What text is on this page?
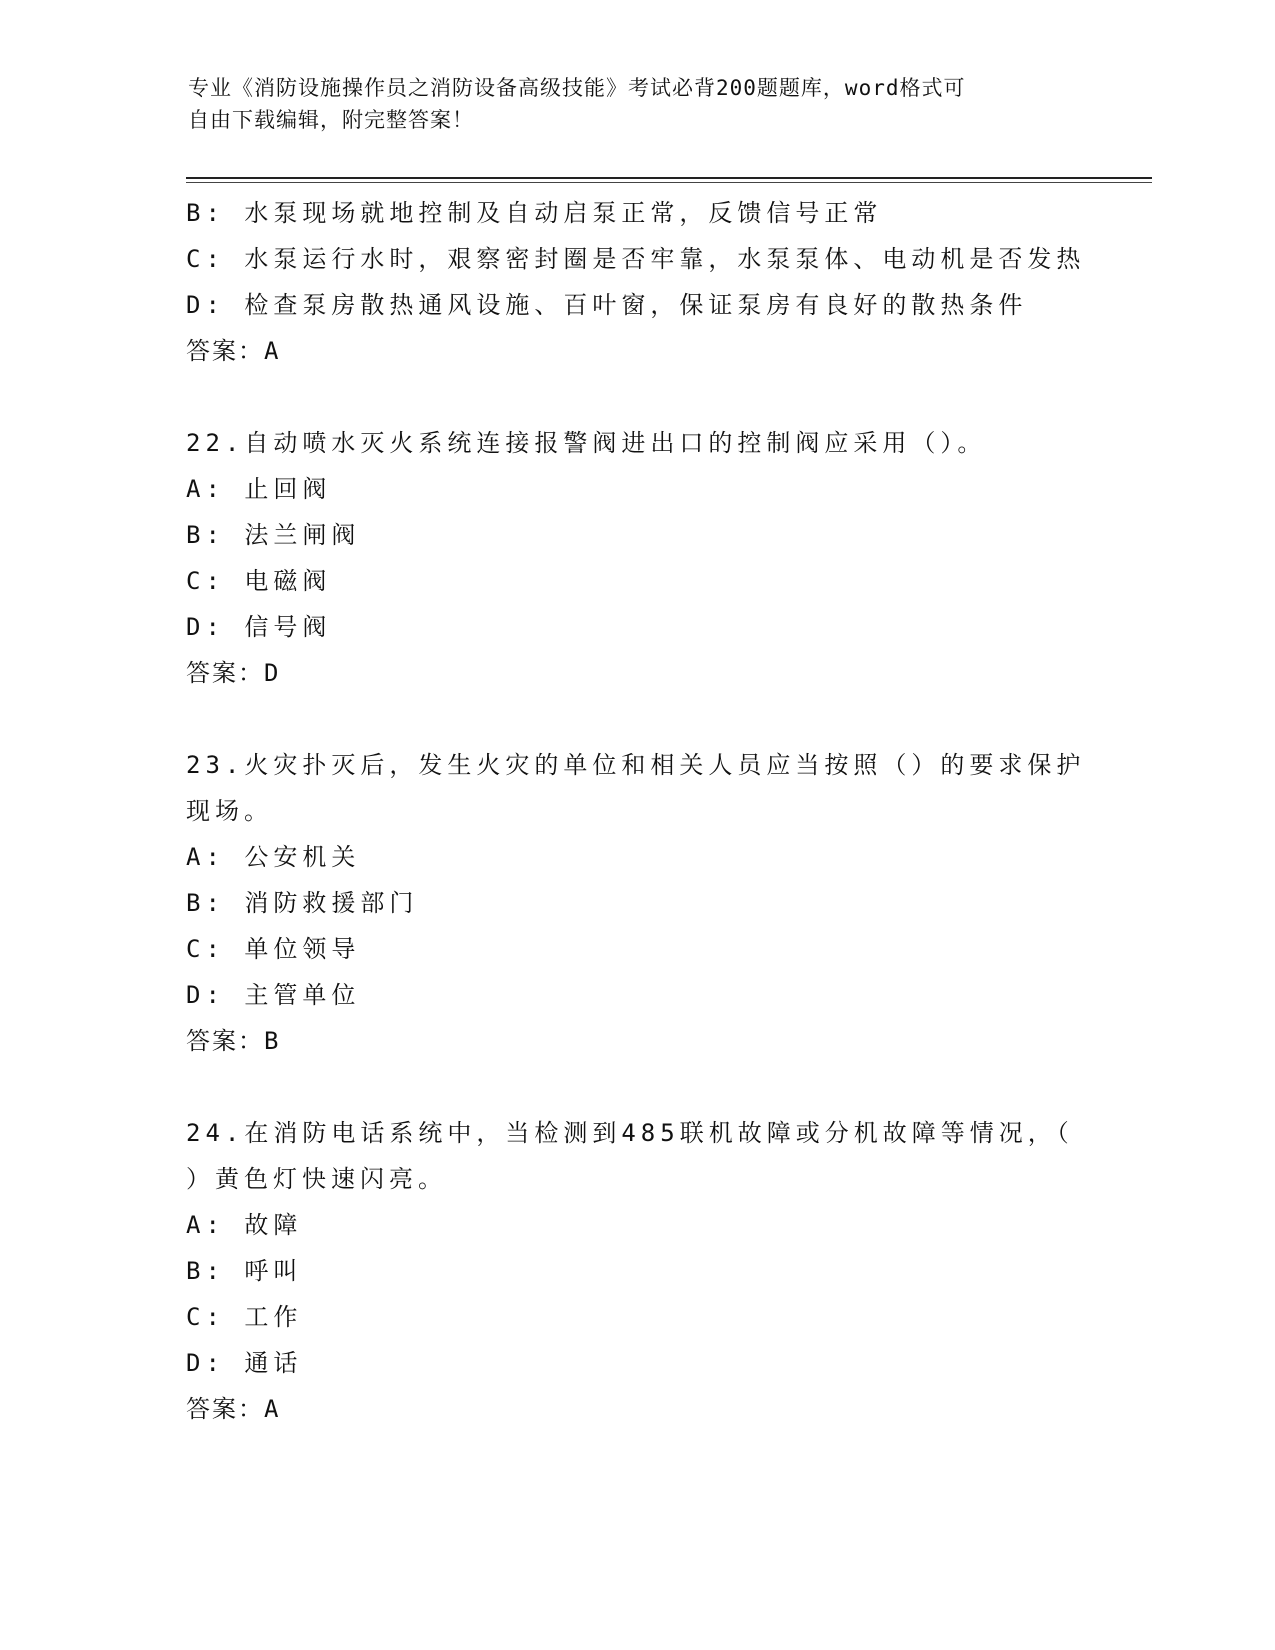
专业《消防设施操作员之消防设备高级技能》考试必背200题题库，word格式可
自由下载编辑，附完整答案！
B: 水泵现场就地控制及自动启泵正常，反馈信号正常
C: 水泵运行水时，艰察密封圈是否牢靠，水泵泵体、电动机是否发热
D: 检查泵房散热通风设施、百叶窗，保证泵房有良好的散热条件
答案：A
22.自动喷水灭火系统连接报警阀进出口的控制阀应采用（）。
A: 止回阀
B: 法兰闸阀
C: 电磁阀
D: 信号阀
答案：D
23.火灾扑灭后，发生火灾的单位和相关人员应当按照（）的要求保护
现场。
A: 公安机关
B: 消防救援部门
C: 单位领导
D: 主管单位
答案：B
24.在消防电话系统中，当检测到485联机故障或分机故障等情况，（
）黄色灯快速闪亮。
A: 故障
B: 呼叫
C: 工作
D: 通话
答案：A
